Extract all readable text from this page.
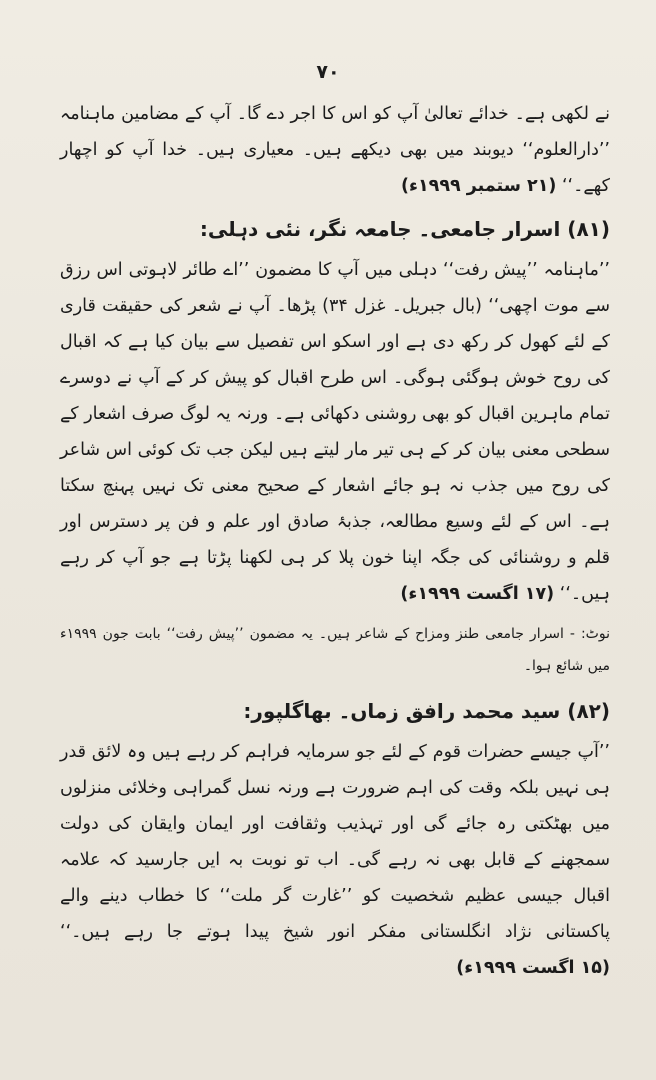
۷۰

نے لکھی ہے۔ خدائے تعالیٰ آپ کو اس کا اجر دے گا۔ آپ کے مضامین ماہنامہ ’’دارالعلوم‘‘ دیوبند میں بھی دیکھے ہیں۔ معیاری ہیں۔ خدا آپ کو اچھار کھے۔‘‘ (۲۱ ستمبر ۱۹۹۹ء)

(۸۱) اسرار جامعی۔ جامعہ نگر، نئی دہلی:

’’ماہنامہ ’’پیش رفت‘‘ دہلی میں آپ کا مضمون ’’اے طائر لاہوتی اس رزق سے موت اچھی‘‘ (بال جبریل۔ غزل ۳۴) پڑھا۔ آپ نے شعر کی حقیقت قاری کے لئے کھول کر رکھ دی ہے اور اسکو اس تفصیل سے بیان کیا ہے کہ اقبال کی روح خوش ہوگئی ہوگی۔ اس طرح اقبال کو پیش کر کے آپ نے دوسرے تمام ماہرین اقبال کو بھی روشنی دکھائی ہے۔ ورنہ یہ لوگ صرف اشعار کے سطحی معنی بیان کر کے ہی تیر مار لیتے ہیں لیکن جب تک کوئی اس شاعر کی روح میں جذب نہ ہو جائے اشعار کے صحیح معنی تک نہیں پہنچ سکتا ہے۔ اس کے لئے وسیع مطالعہ، جذبۂ صادق اور علم و فن پر دسترس اور قلم و روشنائی کی جگہ اپنا خون پلا کر ہی لکھنا پڑتا ہے جو آپ کر رہے ہیں۔‘‘ (۱۷ اگست ۱۹۹۹ء)

نوٹ: - اسرار جامعی طنز ومزاح کے شاعر ہیں۔ یہ مضمون ’’پیش رفت‘‘ بابت جون ۱۹۹۹ء میں شائع ہوا۔

(۸۲) سید محمد رافق زماں۔ بھاگلپور:

’’آپ جیسے حضرات قوم کے لئے جو سرمایہ فراہم کر رہے ہیں وہ لائق قدر ہی نہیں بلکہ وقت کی اہم ضرورت ہے ورنہ نسل گمراہی وخلائی منزلوں میں بھٹکتی رہ جائے گی اور تہذیب وثقافت اور ایمان وایقان کی دولت سمجھنے کے قابل بھی نہ رہے گی۔ اب تو نوبت بہ ایں جارسید کہ علامہ اقبال جیسی عظیم شخصیت کو ’’غارت گر ملت‘‘ کا خطاب دینے والے پاکستانی نژاد انگلستانی مفکر انور شیخ پیدا ہوتے جا رہے ہیں۔‘‘ (۱۵ اگست ۱۹۹۹ء)
